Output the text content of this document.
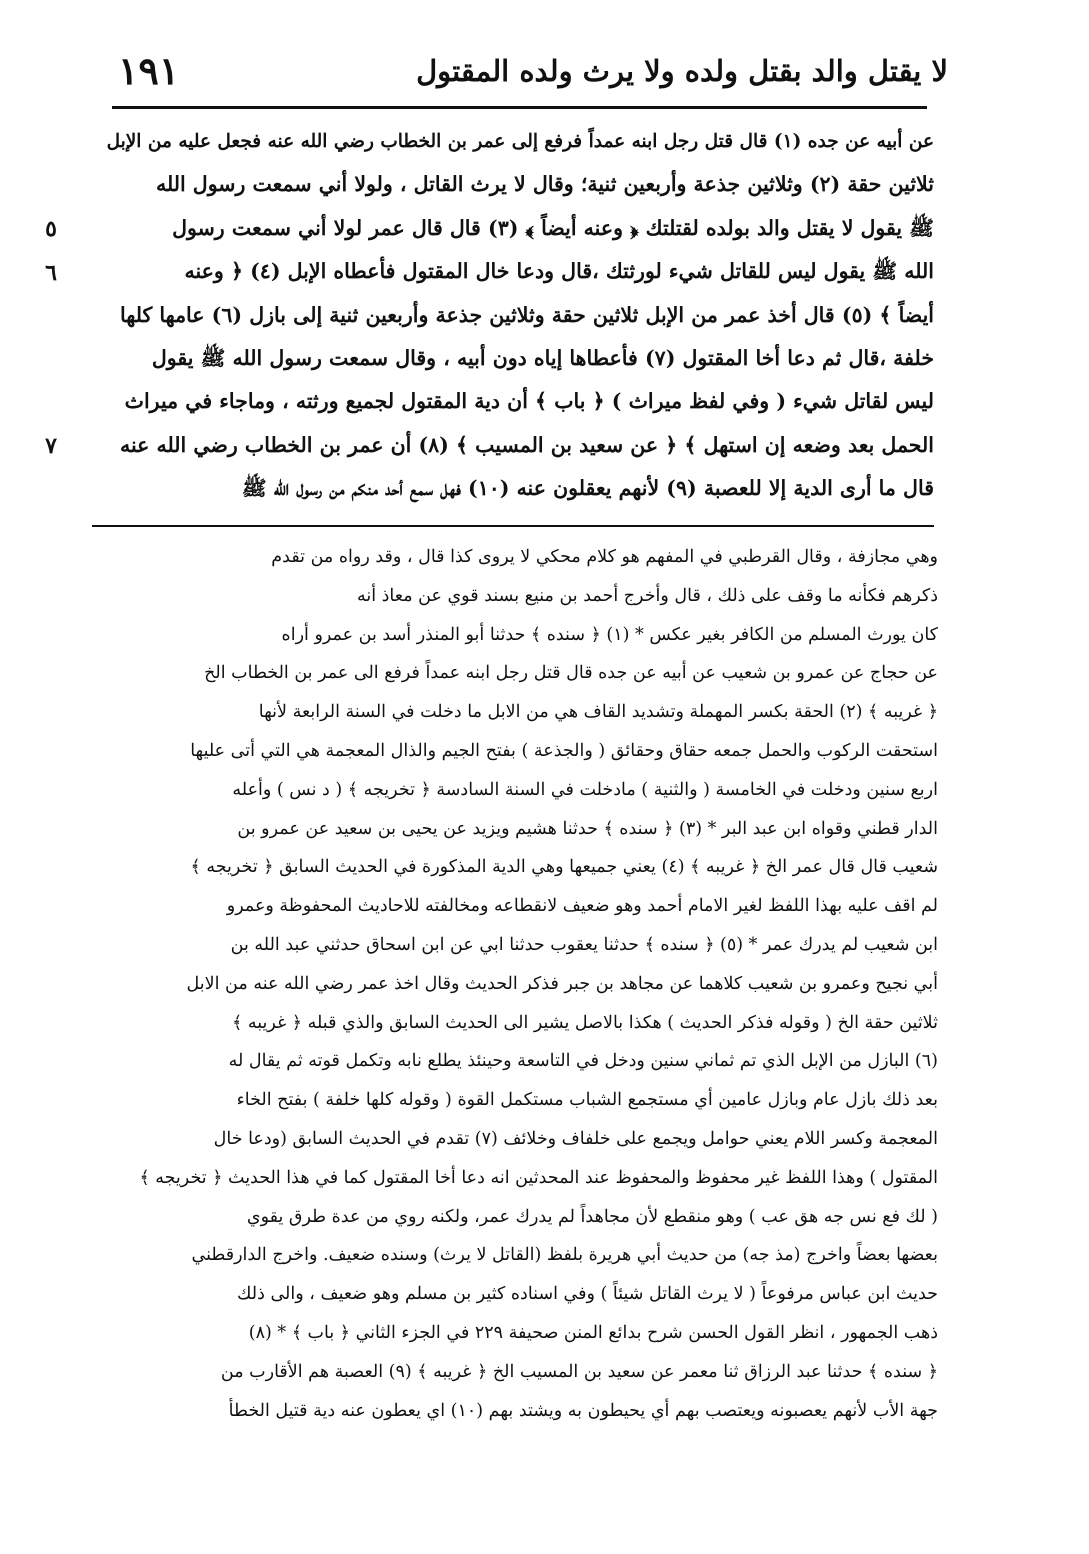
لا يقتل والد بقتل ولده ولا يرث ولده المقتول
١٩١
٥
٦
٧
عن أبيه عن جده (١) قال قتل رجل ابنه عمداً فرفع إلى عمر بن الخطاب رضي الله عنه فجعل عليه من الإبل
ثلاثين حقة (٢) وثلاثين جذعة وأربعين ثنية؛ وقال لا يرث القاتل ، ولولا أني سمعت رسول الله
ﷺ يقول لا يقتل والد بولده لقتلتك ﴿ وعنه أيضاً ﴾ (٣) قال قال عمر لولا أني سمعت رسول
الله ﷺ يقول ليس للقاتل شيء لورثتك ،قال ودعا خال المقتول فأعطاه الإبل (٤) ﴿ وعنه
أيضاً ﴾ (٥) قال أخذ عمر من الإبل ثلاثين حقة وثلاثين جذعة وأربعين ثنية إلى بازل (٦) عامها كلها
خلفة ،قال ثم دعا أخا المقتول (٧) فأعطاها إياه دون أبيه ، وقال سمعت رسول الله ﷺ يقول
ليس لقاتل شيء ( وفي لفظ ميراث ) ﴿ باب ﴾ أن دية المقتول لجميع ورثته ، وماجاء في ميراث
الحمل بعد وضعه إن استهل ﴾ ﴿ عن سعيد بن المسيب ﴾ (٨) أن عمر بن الخطاب رضي الله عنه
قال ما أرى الدية إلا للعصبة (٩) لأنهم يعقلون عنه (١٠) فهل سمع أحد منكم من رسول الله ﷺ
وهي مجازفة ، وقال القرطبي في المفهم هو كلام محكي لا يروى كذا قال ، وقد رواه من تقدم
ذكرهم فكأنه ما وقف على ذلك ، قال وأخرج أحمد بن منيع بسند قوي عن معاذ أنه
كان يورث المسلم من الكافر بغير عكس * (١) ﴿ سنده ﴾ حدثنا أبو المنذر أسد بن عمرو أراه
عن حجاج عن عمرو بن شعيب عن أبيه عن جده قال قتل رجل ابنه عمداً فرفع الى عمر بن الخطاب الخ
﴿ غريبه ﴾ (٢) الحقة بكسر المهملة وتشديد القاف هي من الابل ما دخلت في السنة الرابعة لأنها
استحقت الركوب والحمل جمعه حقاق وحقائق ( والجذعة ) بفتح الجيم والذال المعجمة هي التي أتى عليها
اربع سنين ودخلت في الخامسة ( والثنية ) مادخلت في السنة السادسة ﴿ تخريجه ﴾ ( د نس ) وأعله
الدار قطني وقواه ابن عبد البر * (٣) ﴿ سنده ﴾ حدثنا هشيم ويزيد عن يحيى بن سعيد عن عمرو بن
شعيب قال قال عمر الخ ﴿ غريبه ﴾ (٤) يعني جميعها وهي الدية المذكورة في الحديث السابق ﴿ تخريجه ﴾
لم اقف عليه بهذا اللفظ لغير الامام أحمد وهو ضعيف لانقطاعه ومخالفته للاحاديث المحفوظة وعمرو
ابن شعيب لم يدرك عمر * (٥) ﴿ سنده ﴾ حدثنا يعقوب حدثنا ابي عن ابن اسحاق حدثني عبد الله بن
أبي نجيح وعمرو بن شعيب كلاهما عن مجاهد بن جبر فذكر الحديث وقال اخذ عمر رضي الله عنه من الابل
ثلاثين حقة الخ ( وقوله فذكر الحديث ) هكذا بالاصل يشير الى الحديث السابق والذي قبله ﴿ غريبه ﴾
(٦) البازل من الإبل الذي تم ثماني سنين ودخل في التاسعة وحينئذ يطلع نابه وتكمل قوته ثم يقال له
بعد ذلك بازل عام وبازل عامين أي مستجمع الشباب مستكمل القوة ( وقوله كلها خلفة ) بفتح الخاء
المعجمة وكسر اللام يعني حوامل ويجمع على خلفاف وخلائف (٧) تقدم في الحديث السابق (ودعا خال
المقتول ) وهذا اللفظ غير محفوظ والمحفوظ عند المحدثين انه دعا أخا المقتول كما في هذا الحديث ﴿ تخريجه ﴾
( لك فع نس جه هق عب ) وهو منقطع لأن مجاهداً لم يدرك عمر، ولكنه روي من عدة طرق يقوي
بعضها بعضاً واخرج (مذ جه) من حديث أبي هريرة بلفظ (القاتل لا يرث) وسنده ضعيف. واخرج الدارقطني
حديث ابن عباس مرفوعاً ( لا يرث القاتل شيئاً ) وفي اسناده كثير بن مسلم وهو ضعيف ، والى ذلك
ذهب الجمهور ، انظر القول الحسن شرح بدائع المنن صحيفة ٢٢٩ في الجزء الثاني ﴿ باب ﴾ * (٨)
﴿ سنده ﴾ حدثنا عبد الرزاق ثنا معمر عن سعيد بن المسيب الخ ﴿ غريبه ﴾ (٩) العصبة هم الأقارب من
جهة الأب لأنهم يعصبونه ويعتصب بهم أي يحيطون به ويشتد بهم (١٠) اي يعطون عنه دية قتيل الخطأ
